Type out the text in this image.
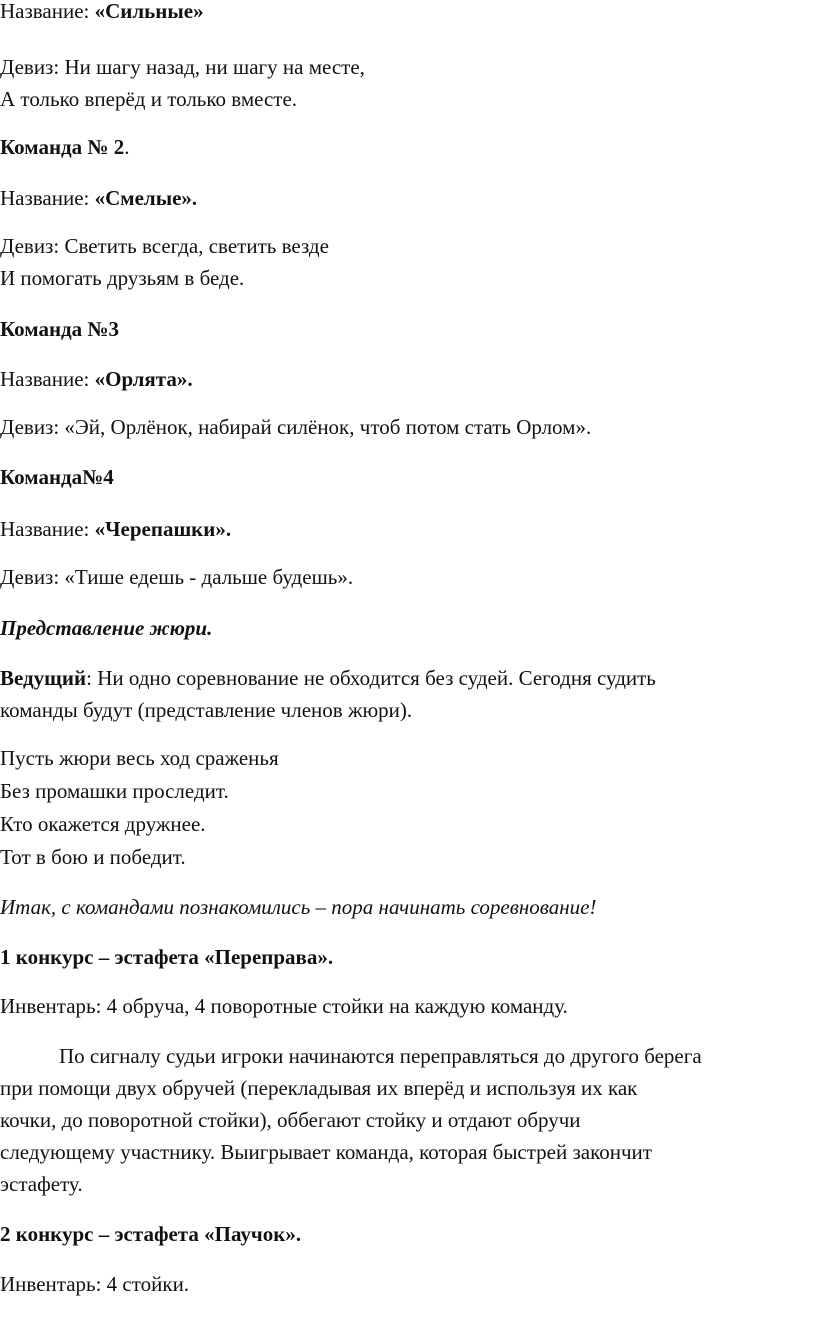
Название: «Сильные»

Девиз: Ни шагу назад, ни шагу на месте,

А только вперёд и только вместе.

Команда № 2.

Название: «Смелые».

Девиз: Светить всегда, светить везде

И помогать друзьям в беде.

Команда №3

Название: «Орлята».

Девиз: «Эй, Орлёнок, набирай силёнок, чтоб потом стать Орлом».

Команда№4

Название: «Черепашки».

Девиз: «Тише едешь - дальше будешь».

Представление жюри.

Ведущий: Ни одно соревнование не обходится без судей. Сегодня судить

команды будут (представление членов жюри).

Пусть жюри весь ход сраженья

Без промашки проследит.

Кто окажется дружнее.

Тот в бою и победит.

Итак, с командами познакомились – пора начинать соревнование!

1 конкурс – эстафета «Переправа».

Инвентарь: 4 обруча, 4 поворотные стойки на каждую команду.

По сигналу судьи игроки начинаются переправляться до другого берега

при помощи двух обручей (перекладывая их вперёд и используя их как

кочки, до поворотной стойки), оббегают стойку и отдают обручи

следующему участнику. Выигрывает команда, которая быстрей закончит

эстафету.

2 конкурс – эстафета «Паучок».

Инвентарь: 4 стойки.
